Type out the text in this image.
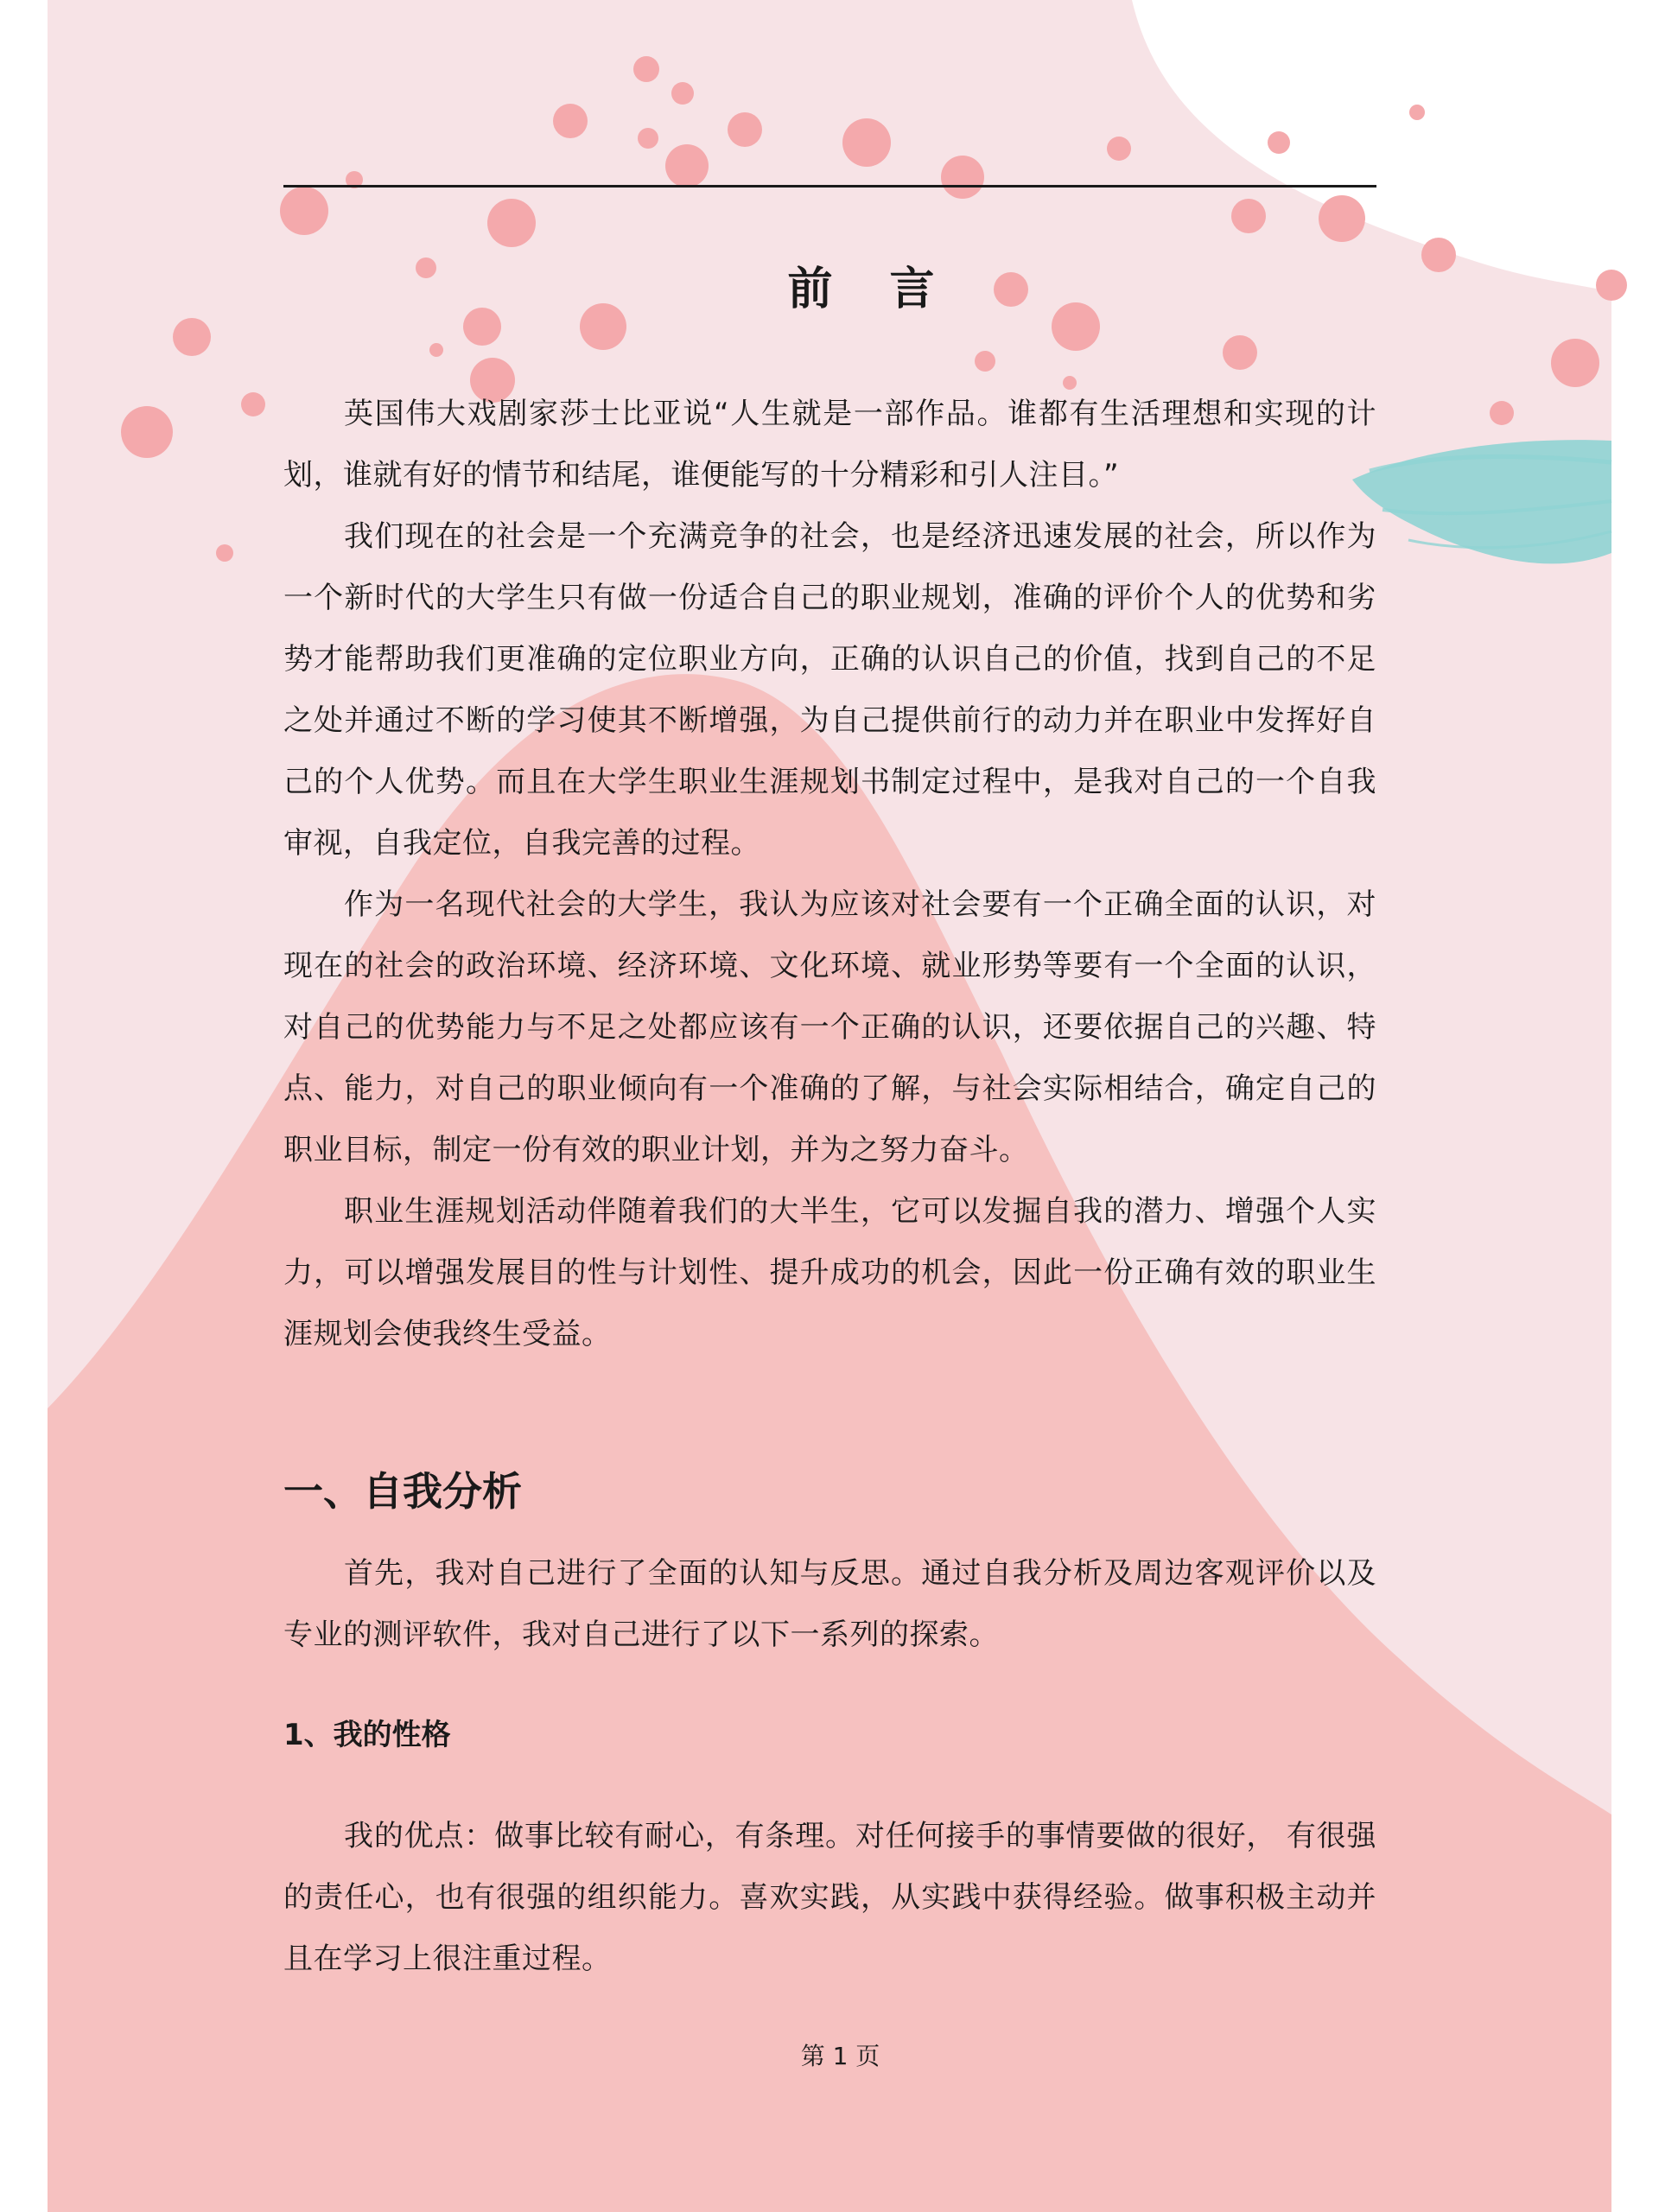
前 言

英国伟大戏剧家莎士比亚说“人生就是一部作品。谁都有生活理想和实现的计划，谁就有好的情节和结尾，谁便能写的十分精彩和引人注目。”

我们现在的社会是一个充满竞争的社会，也是经济迅速发展的社会，所以作为一个新时代的大学生只有做一份适合自己的职业规划，准确的评价个人的优势和劣势才能帮助我们更准确的定位职业方向，正确的认识自己的价值，找到自己的不足之处并通过不断的学习使其不断增强，为自己提供前行的动力并在职业中发挥好自己的个人优势。而且在大学生职业生涯规划书制定过程中，是我对自己的一个自我审视，自我定位，自我完善的过程。

作为一名现代社会的大学生，我认为应该对社会要有一个正确全面的认识，对现在的社会的政治环境、经济环境、文化环境、就业形势等要有一个全面的认识，对自己的优势能力与不足之处都应该有一个正确的认识，还要依据自己的兴趣、特点、能力，对自己的职业倾向有一个准确的了解，与社会实际相结合，确定自己的职业目标，制定一份有效的职业计划，并为之努力奋斗。

职业生涯规划活动伴随着我们的大半生，它可以发掘自我的潜力、增强个人实力，可以增强发展目的性与计划性、提升成功的机会，因此一份正确有效的职业生涯规划会使我终生受益。

一、自我分析

首先，我对自己进行了全面的认知与反思。通过自我分析及周边客观评价以及专业的测评软件，我对自己进行了以下一系列的探索。

1、我的性格

我的优点：做事比较有耐心，有条理。对任何接手的事情要做的很好， 有很强的责任心，也有很强的组织能力。喜欢实践，从实践中获得经验。做事积极主动并且在学习上很注重过程。

第 1 页
